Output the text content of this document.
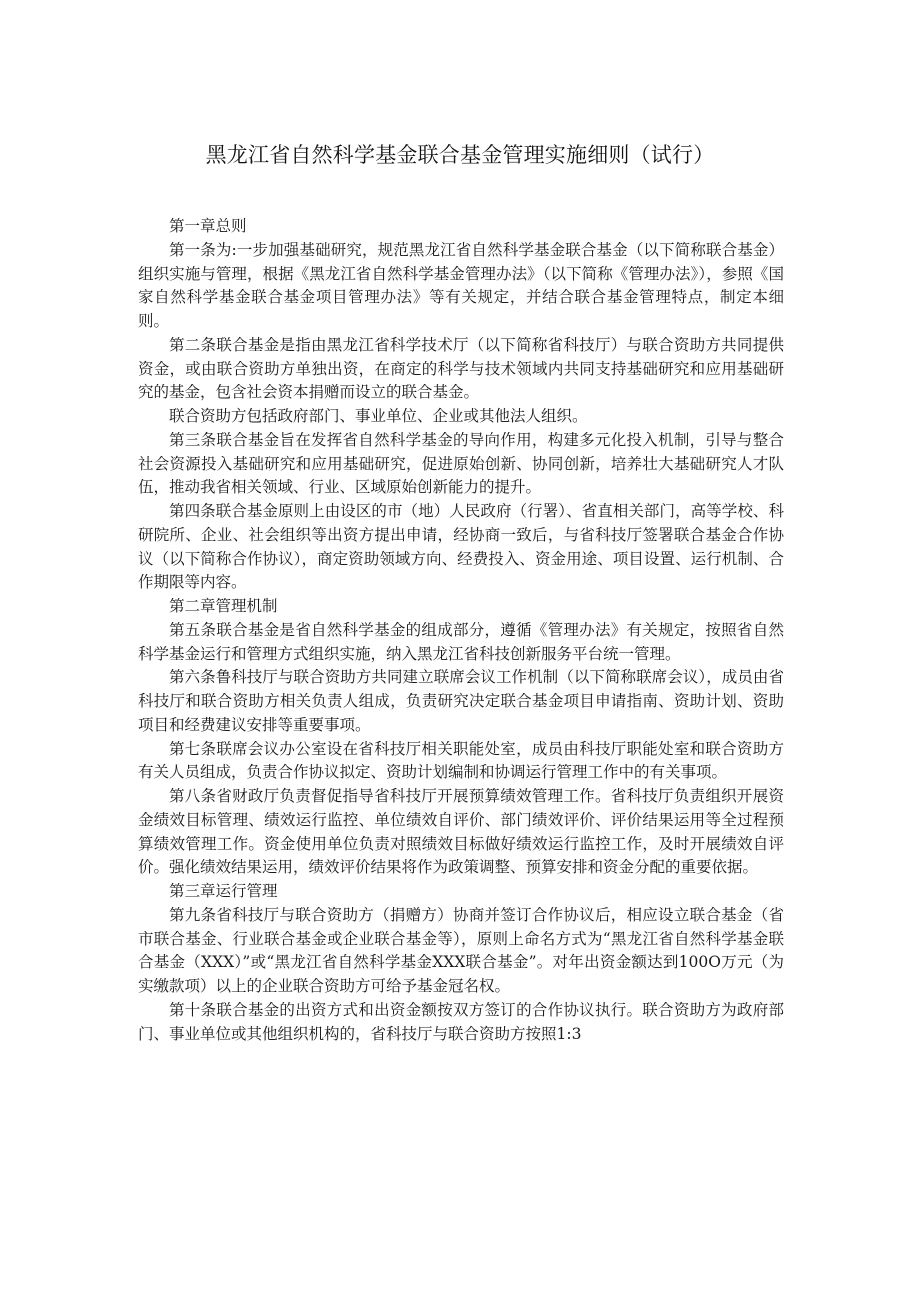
黑龙江省自然科学基金联合基金管理实施细则（试行）

第一章总则

第一条为:一步加强基础研究，规范黑龙江省自然科学基金联合基金（以下简称联合基金）组织实施与管理，根据《黑龙江省自然科学基金管理办法》（以下简称《管理办法》），参照《国家自然科学基金联合基金项目管理办法》等有关规定，并结合联合基金管理特点，制定本细则。

第二条联合基金是指由黑龙江省科学技术厅（以下简称省科技厅）与联合资助方共同提供资金，或由联合资助方单独出资，在商定的科学与技术领域内共同支持基础研究和应用基础研究的基金，包含社会资本捐赠而设立的联合基金。

联合资助方包括政府部门、事业单位、企业或其他法人组织。

第三条联合基金旨在发挥省自然科学基金的导向作用，构建多元化投入机制，引导与整合社会资源投入基础研究和应用基础研究，促进原始创新、协同创新，培养壮大基础研究人才队伍，推动我省相关领域、行业、区域原始创新能力的提升。

第四条联合基金原则上由设区的市（地）人民政府（行署）、省直相关部门，高等学校、科研院所、企业、社会组织等出资方提出申请，经协商一致后，与省科技厅签署联合基金合作协议（以下简称合作协议），商定资助领域方向、经费投入、资金用途、项目设置、运行机制、合作期限等内容。

第二章管理机制

第五条联合基金是省自然科学基金的组成部分，遵循《管理办法》有关规定，按照省自然科学基金运行和管理方式组织实施，纳入黑龙江省科技创新服务平台统一管理。

第六条鲁科技厅与联合资助方共同建立联席会议工作机制（以下简称联席会议），成员由省科技厅和联合资助方相关负责人组成，负责研究决定联合基金项目申请指南、资助计划、资助项目和经费建议安排等重要事项。

第七条联席会议办公室设在省科技厅相关职能处室，成员由科技厅职能处室和联合资助方有关人员组成，负责合作协议拟定、资助计划编制和协调运行管理工作中的有关事项。

第八条省财政厅负责督促指导省科技厅开展预算绩效管理工作。省科技厅负责组织开展资金绩效目标管理、绩效运行监控、单位绩效自评价、部门绩效评价、评价结果运用等全过程预算绩效管理工作。资金使用单位负责对照绩效目标做好绩效运行监控工作，及时开展绩效自评价。强化绩效结果运用，绩效评价结果将作为政策调整、预算安排和资金分配的重要依据。

第三章运行管理

第九条省科技厅与联合资助方（捐赠方）协商并签订合作协议后，相应设立联合基金（省市联合基金、行业联合基金或企业联合基金等），原则上命名方式为“黑龙江省自然科学基金联合基金（XXX）”或“黑龙江省自然科学基金XXX联合基金”。对年出资金额达到100O万元（为实缴款项）以上的企业联合资助方可给予基金冠名权。

第十条联合基金的出资方式和出资金额按双方签订的合作协议执行。联合资助方为政府部门、事业单位或其他组织机构的，省科技厅与联合资助方按照1:3
